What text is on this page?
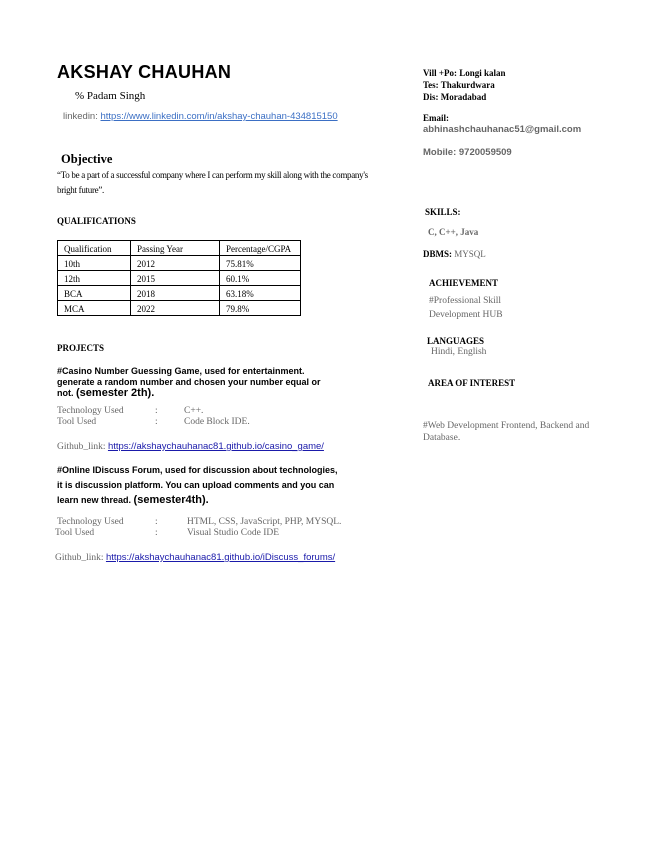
AKSHAY CHAUHAN
% Padam Singh
linkedin: https://www.linkedin.com/in/akshay-chauhan-434815150
Objective
“To be a part of a successful company where I can perform my skill along with the company's bright future”.
QUALIFICATIONS
Qualification	Passing Year	Percentage/CGPA
10th	2012	75.81%
12th	2015	60.1%
BCA	2018	63.18%
MCA	2022	79.8%
PROJECTS
#Casino Number Guessing Game, used for entertainment.
generate a random number and chosen your number equal or
not. (semester 2th).
Technology Used	:	C++.
Tool Used	:	Code Block IDE.
Github_link: https://akshaychauhanac81.github.io/casino_game/
#Online IDiscuss Forum, used for discussion about technologies,
it is discussion platform. You can upload comments and you can
learn new thread. (semester4th).
Technology Used	:	HTML, CSS, JavaScript, PHP, MYSQL.
Tool Used	:	Visual Studio Code IDE
Github_link: https://akshaychauhanac81.github.io/iDiscuss_forums/
Vill +Po: Longi kalan
Tes: Thakurdwara
Dis: Moradabad
Email:
abhinashchauhanac51@gmail.com
Mobile: 9720059509
SKILLS:
C, C++, Java
DBMS: MYSQL
ACHIEVEMENT
#Professional Skill Development HUB
LANGUAGES
Hindi, English
AREA OF INTEREST
#Web Development Frontend, Backend and Database.
